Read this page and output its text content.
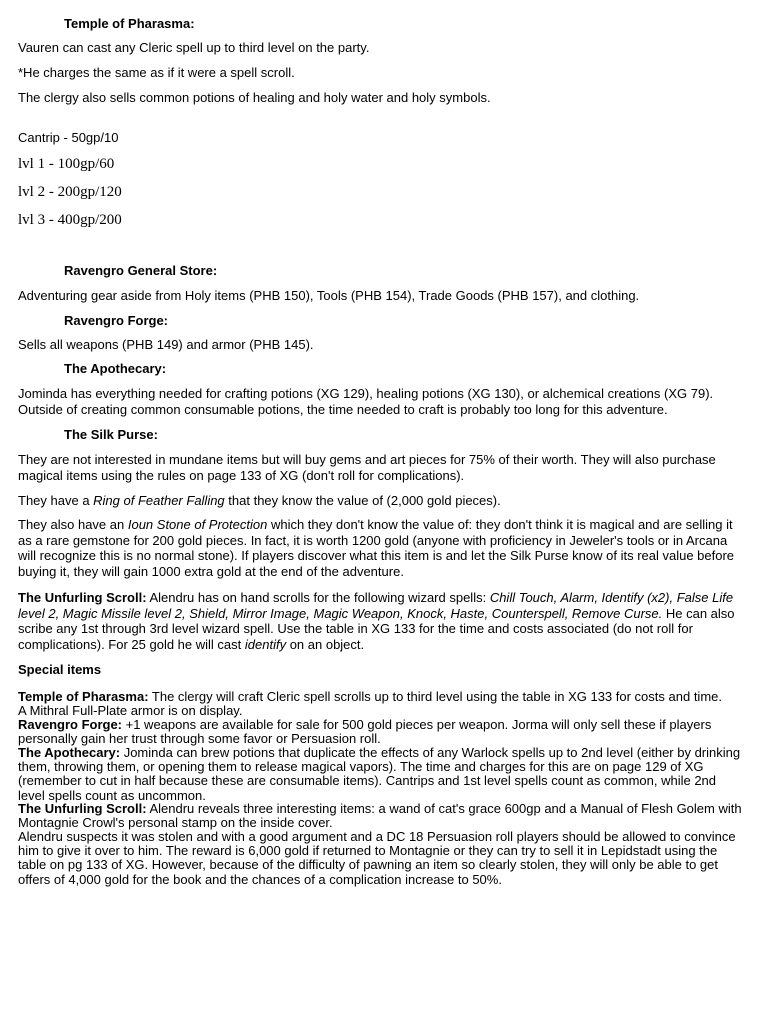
Temple of Pharasma:
Vauren can cast any Cleric spell up to third level on the party.
*He charges the same as if it were a spell scroll.
The clergy also sells common potions of healing and holy water and holy symbols.
Cantrip - 50gp/10
lvl 1 - 100gp/60
lvl 2 - 200gp/120
lvl 3 - 400gp/200
Ravengro General Store:
Adventuring gear aside from Holy items (PHB 150), Tools (PHB 154), Trade Goods (PHB 157), and clothing.
Ravengro Forge:
Sells all weapons (PHB 149) and armor (PHB 145).
The Apothecary:
Jominda has everything needed for crafting potions (XG 129), healing potions (XG 130), or alchemical creations (XG 79). Outside of creating common consumable potions, the time needed to craft is probably too long for this adventure.
The Silk Purse:
They are not interested in mundane items but will buy gems and art pieces for 75% of their worth. They will also purchase magical items using the rules on page 133 of XG (don't roll for complications).
They have a Ring of Feather Falling that they know the value of (2,000 gold pieces).
They also have an Ioun Stone of Protection which they don't know the value of: they don't think it is magical and are selling it as a rare gemstone for 200 gold pieces. In fact, it is worth 1200 gold (anyone with proficiency in Jeweler's tools or in Arcana will recognize this is no normal stone). If players discover what this item is and let the Silk Purse know of its real value before buying it, they will gain 1000 extra gold at the end of the adventure.
The Unfurling Scroll: Alendru has on hand scrolls for the following wizard spells: Chill Touch, Alarm, Identify (x2), False Life level 2, Magic Missile level 2, Shield, Mirror Image, Magic Weapon, Knock, Haste, Counterspell, Remove Curse. He can also scribe any 1st through 3rd level wizard spell. Use the table in XG 133 for the time and costs associated (do not roll for complications). For 25 gold he will cast identify on an object.
Special items
Temple of Pharasma: The clergy will craft Cleric spell scrolls up to third level using the table in XG 133 for costs and time.
A Mithral Full-Plate armor is on display.
Ravengro Forge: +1 weapons are available for sale for 500 gold pieces per weapon. Jorma will only sell these if players personally gain her trust through some favor or Persuasion roll.
The Apothecary: Jominda can brew potions that duplicate the effects of any Warlock spells up to 2nd level (either by drinking them, throwing them, or opening them to release magical vapors). The time and charges for this are on page 129 of XG (remember to cut in half because these are consumable items). Cantrips and 1st level spells count as common, while 2nd level spells count as uncommon.
The Unfurling Scroll: Alendru reveals three interesting items: a wand of cat's grace 600gp and a Manual of Flesh Golem with Montagnie Crowl's personal stamp on the inside cover.
Alendru suspects it was stolen and with a good argument and a DC 18 Persuasion roll players should be allowed to convince him to give it over to him. The reward is 6,000 gold if returned to Montagnie or they can try to sell it in Lepidstadt using the table on pg 133 of XG. However, because of the difficulty of pawning an item so clearly stolen, they will only be able to get offers of 4,000 gold for the book and the chances of a complication increase to 50%.
